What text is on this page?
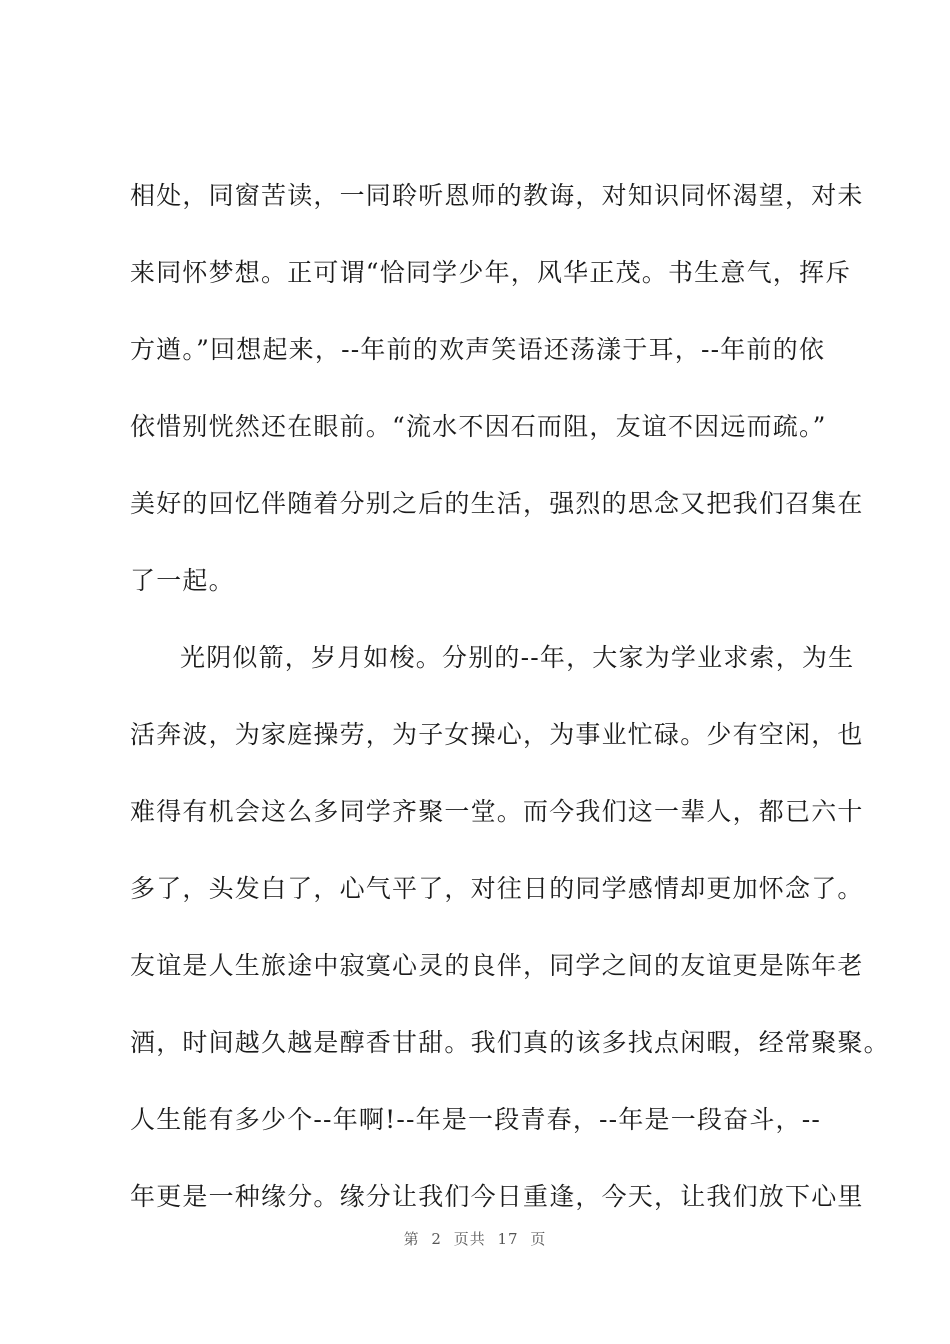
相处，同窗苦读，一同聆听恩师的教诲，对知识同怀渴望，对未
来同怀梦想。正可谓“恰同学少年，风华正茂。书生意气，挥斥
方遒。”回想起来，--年前的欢声笑语还荡漾于耳，--年前的依
依惜别恍然还在眼前。“流水不因石而阻，友谊不因远而疏。”
美好的回忆伴随着分别之后的生活，强烈的思念又把我们召集在
了一起。
光阴似箭，岁月如梭。分别的--年，大家为学业求索，为生
活奔波，为家庭操劳，为子女操心，为事业忙碌。少有空闲，也
难得有机会这么多同学齐聚一堂。而今我们这一辈人，都已六十
多了，头发白了，心气平了，对往日的同学感情却更加怀念了。
友谊是人生旅途中寂寞心灵的良伴，同学之间的友谊更是陈年老
酒，时间越久越是醇香甘甜。我们真的该多找点闲暇，经常聚聚。
人生能有多少个--年啊!--年是一段青春，--年是一段奋斗，--
年更是一种缘分。缘分让我们今日重逢，今天，让我们放下心里
第 2 页共 17 页
